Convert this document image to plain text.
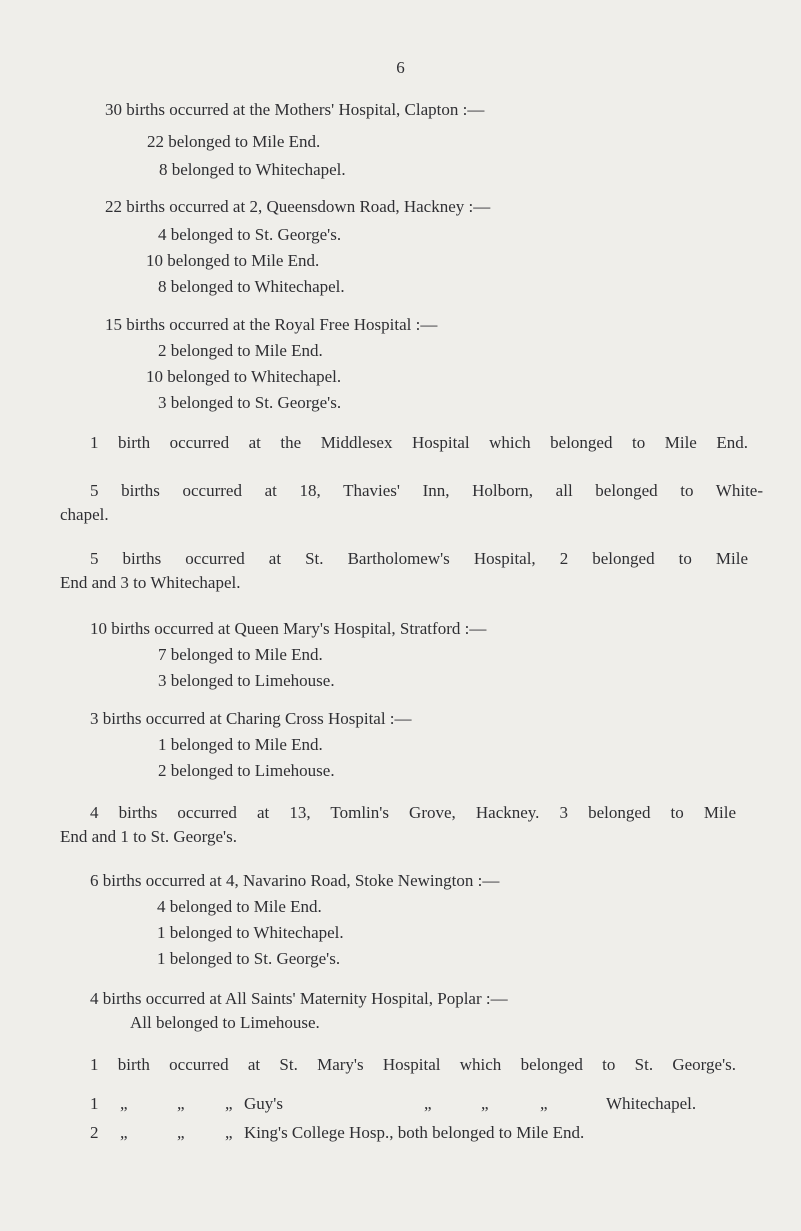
6
30 births occurred at the Mothers' Hospital, Clapton :—
22 belonged to Mile End.
8 belonged to Whitechapel.
22 births occurred at 2, Queensdown Road, Hackney :—
4 belonged to St. George's.
10 belonged to Mile End.
8 belonged to Whitechapel.
15 births occurred at the Royal Free Hospital :—
2 belonged to Mile End.
10 belonged to Whitechapel.
3 belonged to St. George's.
1 birth occurred at the Middlesex Hospital which belonged to Mile End.
5 births occurred at 18, Thavies' Inn, Holborn, all belonged to White-
chapel.
5 births occurred at St. Bartholomew's Hospital, 2 belonged to Mile
End and 3 to Whitechapel.
10 births occurred at Queen Mary's Hospital, Stratford :—
7 belonged to Mile End.
3 belonged to Limehouse.
3 births occurred at Charing Cross Hospital :—
1 belonged to Mile End.
2 belonged to Limehouse.
4 births occurred at 13, Tomlin's Grove, Hackney. 3 belonged to Mile
End and 1 to St. George's.
6 births occurred at 4, Navarino Road, Stoke Newington :—
4 belonged to Mile End.
1 belonged to Whitechapel.
1 belonged to St. George's.
4 births occurred at All Saints' Maternity Hospital, Poplar :—
All belonged to Limehouse.
1 birth occurred at St. Mary's Hospital which belonged to St. George's.
1 „	„ „ Guy's	„	„	„	Whitechapel.
2 „	„ „ King's College Hosp., both belonged to Mile End.
